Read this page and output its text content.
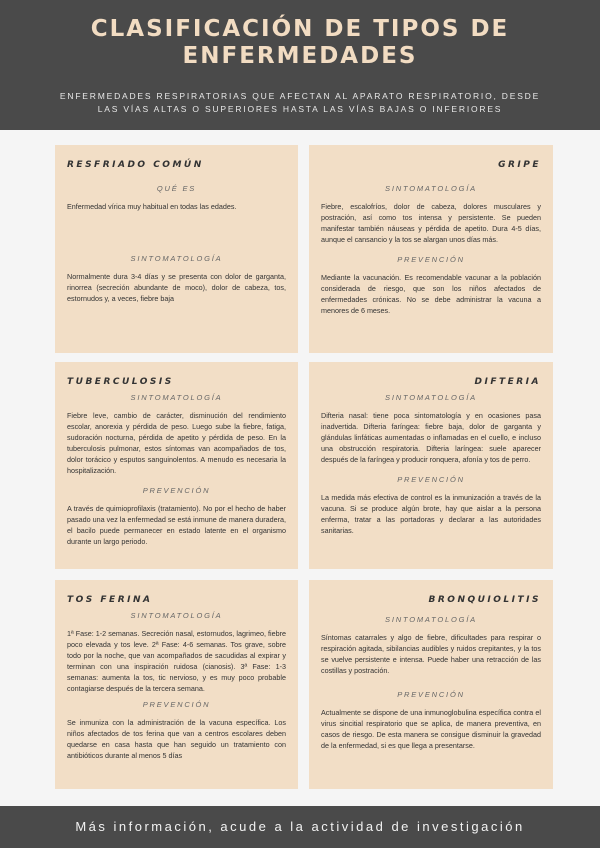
CLASIFICACIÓN DE TIPOS DE ENFERMEDADES

ENFERMEDADES RESPIRATORIAS QUE AFECTAN AL APARATO RESPIRATORIO, DESDE LAS VÍAS ALTAS O SUPERIORES HASTA LAS VÍAS BAJAS O INFERIORES

RESFRIADO COMÚN
QUÉ ES

Enfermedad vírica muy habitual en todas las edades.

SINTOMATOLOGÍA

Normalmente dura 3-4 días y se presenta con dolor de garganta, rinorrea (secreción abundante de moco), dolor de cabeza, tos, estornudos y, a veces, fiebre baja

GRIPE
SINTOMATOLOGÍA

Fiebre, escalofríos, dolor de cabeza, dolores musculares y postración, así como tos intensa y persistente. Se pueden manifestar también náuseas y pérdida de apetito. Dura 4-5 días, aunque el cansancio y la tos se alargan unos días más.

PREVENCIÓN

Mediante la vacunación. Es recomendable vacunar a la población considerada de riesgo, que son los niños afectados de enfermedades crónicas. No se debe administrar la vacuna a menores de 6 meses.

TUBERCULOSIS
SINTOMATOLOGÍA

Fiebre leve, cambio de carácter, disminución del rendimiento escolar, anorexia y pérdida de peso. Luego sube la fiebre, fatiga, sudoración nocturna, pérdida de apetito y pérdida de peso. En la tuberculosis pulmonar, estos síntomas van acompañados de tos, dolor torácico y esputos sanguinolentos. A menudo es necesaria la hospitalización.

PREVENCIÓN

A través de quimioprofilaxis (tratamiento). No por el hecho de haber pasado una vez la enfermedad se está inmune de manera duradera, el bacilo puede permanecer en estado latente en el organismo durante un largo periodo.

DIFTERIA
SINTOMATOLOGÍA

Difteria nasal: tiene poca sintomatología y en ocasiones pasa inadvertida. Difteria faríngea: fiebre baja, dolor de garganta y glándulas linfáticas aumentadas o inflamadas en el cuello, e incluso una obstrucción respiratoria. Difteria laríngea: suele aparecer después de la faríngea y producir ronquera, afonía y tos de perro.

PREVENCIÓN

La medida más efectiva de control es la inmunización a través de la vacuna. Si se produce algún brote, hay que aislar a la persona enferma, tratar a las portadoras y declarar a las autoridades sanitarias.

TOS FERINA
SINTOMATOLOGÍA

1ª Fase: 1-2 semanas. Secreción nasal, estornudos, lagrimeo, fiebre poco elevada y tos leve. 2ª Fase: 4-6 semanas. Tos grave, sobre todo por la noche, que van acompañados de sacudidas al expirar y terminan con una inspiración ruidosa (cianosis). 3ª Fase: 1-3 semanas: aumenta la tos, tic nervioso, y es muy poco probable contagiarse después de la tercera semana.

PREVENCIÓN

Se inmuniza con la administración de la vacuna específica. Los niños afectados de tos ferina que van a centros escolares deben quedarse en casa hasta que han seguido un tratamiento con antibióticos durante al menos 5 días

BRONQUIOLITIS
SINTOMATOLOGÍA

Síntomas catarrales y algo de fiebre, dificultades para respirar o respiración agitada, sibilancias audibles y ruidos crepitantes, y la tos se vuelve persistente e intensa. Puede haber una retracción de las costillas y postración.

PREVENCIÓN

Actualmente se dispone de una inmunoglobulina específica contra el virus sincitial respiratorio que se aplica, de manera preventiva, en casos de riesgo. De esta manera se consigue disminuir la gravedad de la enfermedad, si es que llega a presentarse.

Más información, acude a la actividad de investigación
